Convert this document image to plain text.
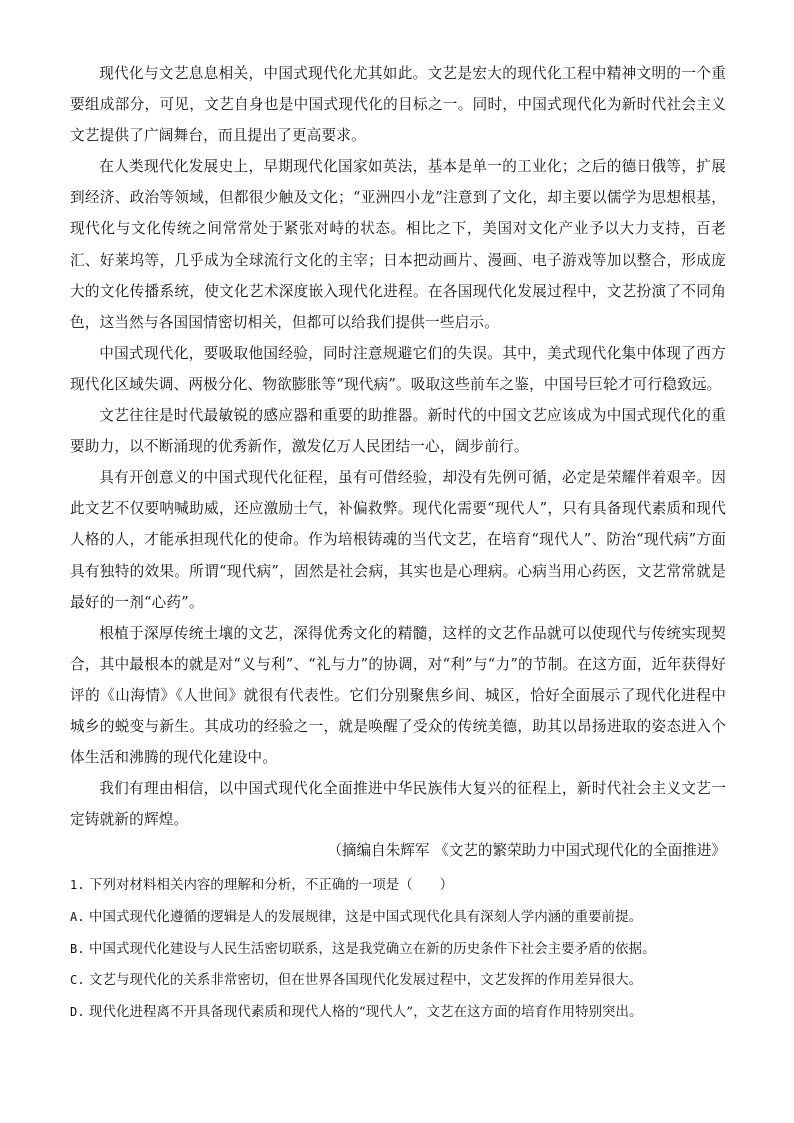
现代化与文艺息息相关，中国式现代化尤其如此。文艺是宏大的现代化工程中精神文明的一个重要组成部分，可见，文艺自身也是中国式现代化的目标之一。同时，中国式现代化为新时代社会主义文艺提供了广阔舞台，而且提出了更高要求。

在人类现代化发展史上，早期现代化国家如英法，基本是单一的工业化；之后的德日俄等，扩展到经济、政治等领域，但都很少触及文化；“亚洲四小龙”注意到了文化，却主要以儒学为思想根基，现代化与文化传统之间常常处于紧张对峙的状态。相比之下，美国对文化产业予以大力支持，百老汇、好莱坞等，几乎成为全球流行文化的主宰；日本把动画片、漫画、电子游戏等加以整合，形成庞大的文化传播系统，使文化艺术深度嵌入现代化进程。在各国现代化发展过程中，文艺扮演了不同角色，这当然与各国国情密切相关，但都可以给我们提供一些启示。

中国式现代化，要吸取他国经验，同时注意规避它们的失误。其中，美式现代化集中体现了西方现代化区域失调、两极分化、物欲膨胀等“现代病”。吸取这些前车之鉴，中国号巨轮才可行稳致远。

文艺往往是时代最敏锐的感应器和重要的助推器。新时代的中国文艺应该成为中国式现代化的重要助力，以不断涌现的优秀新作，激发亿万人民团结一心，阔步前行。

具有开创意义的中国式现代化征程，虽有可借经验，却没有先例可循，必定是荣耀伴着艰辛。因此文艺不仅要呐喊助威，还应激励士气，补偏救弊。现代化需要“现代人”，只有具备现代素质和现代人格的人，才能承担现代化的使命。作为培根铸魂的当代文艺，在培育“现代人”、防治“现代病”方面具有独特的效果。所谓“现代病”，固然是社会病，其实也是心理病。心病当用心药医，文艺常常就是最好的一剂“心药”。

根植于深厚传统土壤的文艺，深得优秀文化的精髓，这样的文艺作品就可以使现代与传统实现契合，其中最根本的就是对“义与利”、“礼与力”的协调，对“利”与“力”的节制。在这方面，近年获得好评的《山海情》《人世间》就很有代表性。它们分别聚焦乡间、城区，恰好全面展示了现代化进程中城乡的蜕变与新生。其成功的经验之一，就是唤醒了受众的传统美德，助其以昂扬进取的姿态进入个体生活和沸腾的现代化建设中。

我们有理由相信，以中国式现代化全面推进中华民族伟大复兴的征程上，新时代社会主义文艺一定铸就新的辉煌。

（摘编自朱辉军 《文艺的繁荣助力中国式现代化的全面推进》

1. 下列对材料相关内容的理解和分析，不正确的一项是（　　）

A. 中国式现代化遵循的逻辑是人的发展规律，这是中国式现代化具有深刻人学内涵的重要前提。

B. 中国式现代化建设与人民生活密切联系，这是我党确立在新的历史条件下社会主要矛盾的依据。

C. 文艺与现代化的关系非常密切，但在世界各国现代化发展过程中，文艺发挥的作用差异很大。

D. 现代化进程离不开具备现代素质和现代人格的“现代人”，文艺在这方面的培育作用特别突出。
